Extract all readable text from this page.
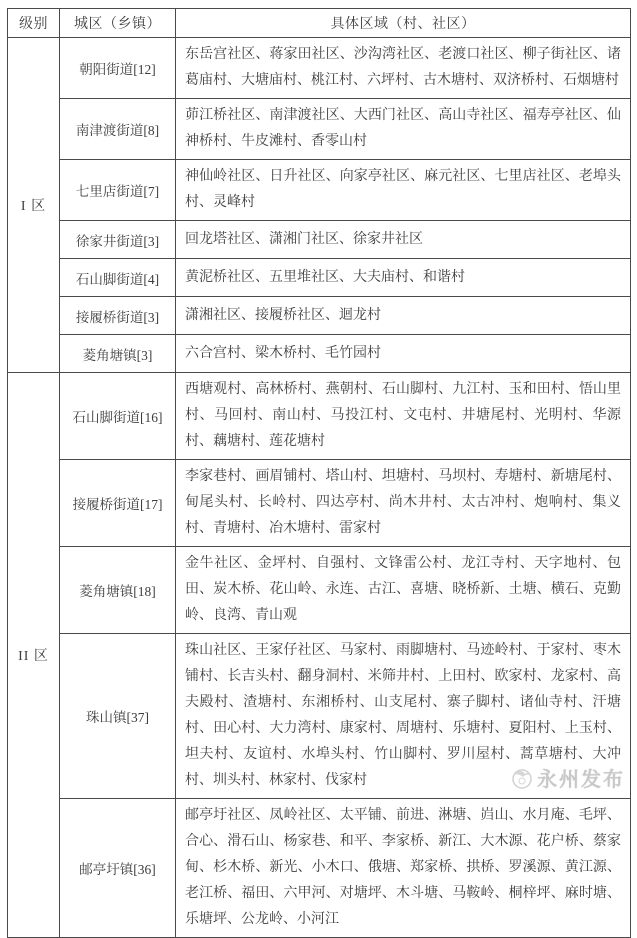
级别	城区（乡镇）	具体区域（村、社区）
I 区	朝阳街道[12]	东岳宫社区、蒋家田社区、沙沟湾社区、老渡口社区、柳子街社区、诸葛庙村、大塘庙村、桃江村、六坪村、古木塘村、双济桥村、石烟塘村
	南津渡街道[8]	茆江桥社区、南津渡社区、大西门社区、高山寺社区、福寿亭社区、仙神桥村、牛皮滩村、香零山村
	七里店街道[7]	神仙岭社区、日升社区、向家亭社区、麻元社区、七里店社区、老埠头村、灵峰村
	徐家井街道[3]	回龙塔社区、潇湘门社区、徐家井社区
	石山脚街道[4]	黄泥桥社区、五里堆社区、大夫庙村、和谐村
	接履桥街道[3]	潇湘社区、接履桥社区、迴龙村
	菱角塘镇[3]	六合宫村、梁木桥村、毛竹园村
II 区	石山脚街道[16]	西塘观村、高林桥村、燕朝村、石山脚村、九江村、玉和田村、悟山里村、马回村、南山村、马投江村、文屯村、井塘尾村、光明村、华源村、藕塘村、莲花塘村
	接履桥街道[17]	李家巷村、画眉铺村、塔山村、坦塘村、马坝村、寿塘村、新塘尾村、甸尾头村、长岭村、四达亭村、尚木井村、太古冲村、炮响村、集义村、青塘村、冶木塘村、雷家村
	菱角塘镇[18]	金牛社区、金坪村、自强村、文锋雷公村、龙江寺村、天字地村、包田、炭木桥、花山岭、永连、古江、喜塘、晓桥新、土塘、横石、克勤岭、良湾、青山观
	珠山镇[37]	珠山社区、王家仔社区、马家村、雨脚塘村、马迹岭村、于家村、枣木铺村、长吉头村、翻身洞村、米筛井村、上田村、欧家村、龙家村、高夫殿村、渣塘村、东湘桥村、山支尾村、寨子脚村、诸仙寺村、汗塘村、田心村、大力湾村、康家村、周塘村、乐塘村、夏阳村、上玉村、坦夫村、友谊村、水埠头村、竹山脚村、罗川屋村、蒿草塘村、大冲村、圳头村、林家村、伐家村
	邮亭圩镇[36]	邮亭圩社区、凤岭社区、太平铺、前进、淋塘、岿山、水月庵、毛坪、合心、滑石山、杨家巷、和平、李家桥、新江、大木源、花户桥、蔡家甸、杉木桥、新光、小木口、俄塘、郑家桥、拱桥、罗溪源、黄江源、老江桥、福田、六甲河、对塘坪、木斗塘、马鞍岭、桐梓坪、麻时塘、乐塘坪、公龙岭、小河江
永州发布
